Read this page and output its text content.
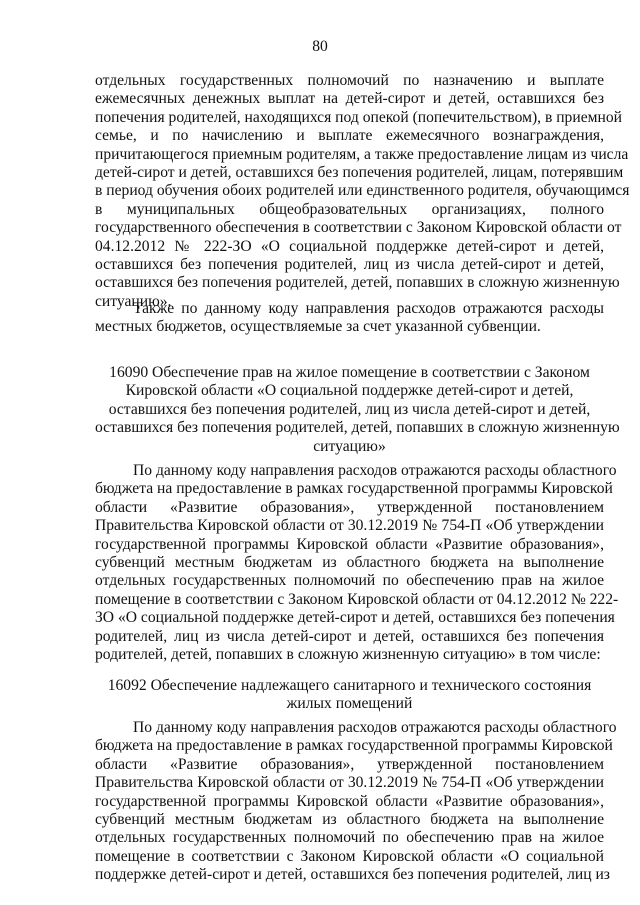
80
отдельных государственных полномочий по назначению и выплате
ежемесячных денежных выплат на детей-сирот и детей, оставшихся без
попечения родителей, находящихся под опекой (попечительством), в приемной
семье, и по начислению и выплате ежемесячного вознаграждения,
причитающегося приемным родителям, а также предоставление лицам из числа
детей-сирот и детей, оставшихся без попечения родителей, лицам, потерявшим
в период обучения обоих родителей или единственного родителя, обучающимся
в муниципальных общеобразовательных организациях, полного
государственного обеспечения в соответствии с Законом Кировской области от
04.12.2012 № 222-ЗО «О социальной поддержке детей-сирот и детей,
оставшихся без попечения родителей, лиц из числа детей-сирот и детей,
оставшихся без попечения родителей, детей, попавших в сложную жизненную
ситуацию».
Также по данному коду направления расходов отражаются расходы
местных бюджетов, осуществляемые за счет указанной субвенции.
16090 Обеспечение прав на жилое помещение в соответствии с Законом
Кировской области «О социальной поддержке детей-сирот и детей,
оставшихся без попечения родителей, лиц из числа детей-сирот и детей,
оставшихся без попечения родителей, детей, попавших в сложную жизненную
ситуацию»
По данному коду направления расходов отражаются расходы областного
бюджета на предоставление в рамках государственной программы Кировской
области «Развитие образования», утвержденной постановлением
Правительства Кировской области от 30.12.2019 № 754-П «Об утверждении
государственной программы Кировской области «Развитие образования»,
субвенций местным бюджетам из областного бюджета на выполнение
отдельных государственных полномочий по обеспечению прав на жилое
помещение в соответствии с Законом Кировской области от 04.12.2012 № 222-
ЗО «О социальной поддержке детей-сирот и детей, оставшихся без попечения
родителей, лиц из числа детей-сирот и детей, оставшихся без попечения
родителей, детей, попавших в сложную жизненную ситуацию» в том числе:
16092 Обеспечение надлежащего санитарного и технического состояния
жилых помещений
По данному коду направления расходов отражаются расходы областного
бюджета на предоставление в рамках государственной программы Кировской
области «Развитие образования», утвержденной постановлением
Правительства Кировской области от 30.12.2019 № 754-П «Об утверждении
государственной программы Кировской области «Развитие образования»,
субвенций местным бюджетам из областного бюджета на выполнение
отдельных государственных полномочий по обеспечению прав на жилое
помещение в соответствии с Законом Кировской области «О социальной
поддержке детей-сирот и детей, оставшихся без попечения родителей, лиц из
